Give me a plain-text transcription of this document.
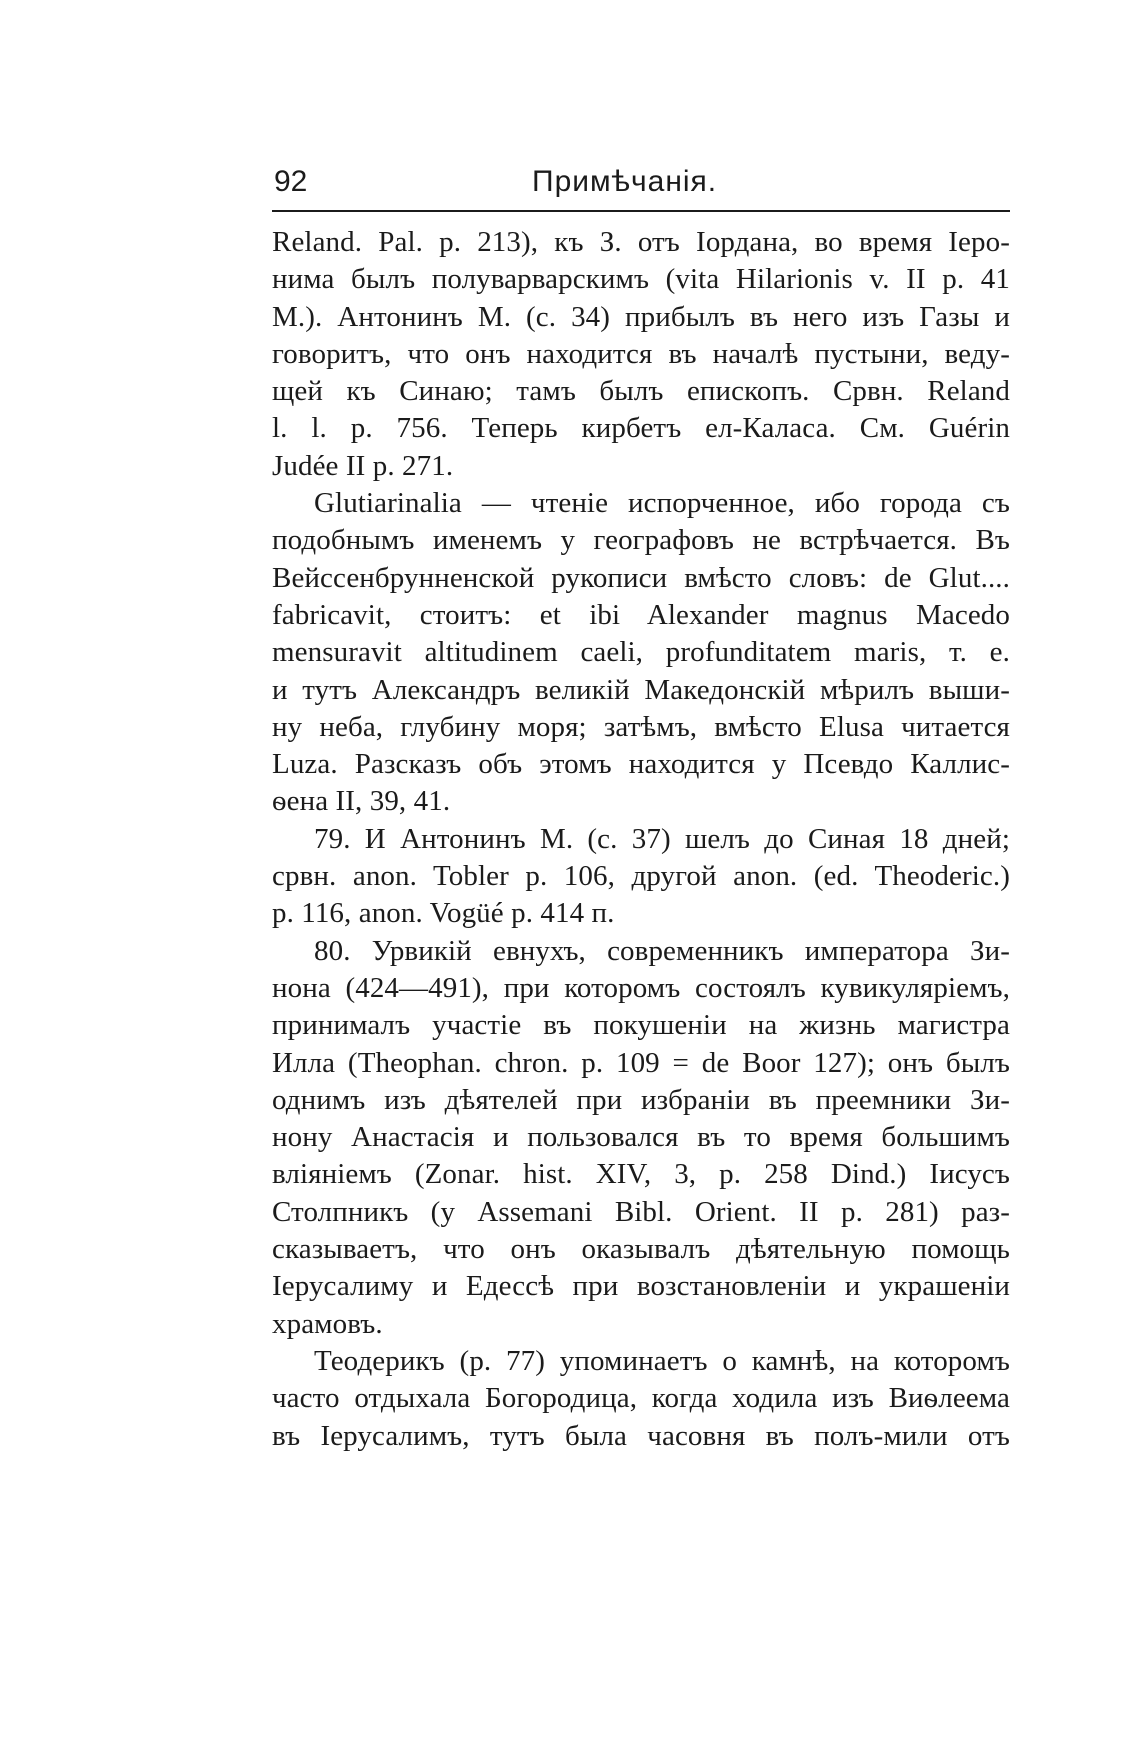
92	Примѣчанія.
Reland. Pal. p. 213), къ З. отъ Іордана, во время Іеро-
нима былъ полуварварскимъ (vita Hilarionis v. II p. 41
M.). Антонинъ М. (с. 34) прибылъ въ него изъ Газы и
говоритъ, что онъ находится въ началѣ пустыни, веду-
щей къ Синаю; тамъ былъ епископъ. Срвн. Reland
l. l. p. 756. Теперь кирбетъ ел-Каласа. См. Guérin
Judée II p. 271.
Glutiarinalia — чтеніе испорченное, ибо города съ
подобнымъ именемъ у географовъ не встрѣчается. Въ
Вейссенбрунненской рукописи вмѣсто словъ: de Glut....
fabricavit, стоитъ: et ibi Alexander magnus Macedo
mensuravit altitudinem caeli, profunditatem maris, т. е.
и тутъ Александръ великій Македонскій мѣрилъ выши-
ну неба, глубину моря; затѣмъ, вмѣсто Elusa читается
Luza. Разсказъ объ этомъ находится у Псевдо Каллис-
ѳена II, 39, 41.
79. И Антонинъ М. (с. 37) шелъ до Синая 18 дней;
срвн. anon. Tobler p. 106, другой anon. (ed. Theoderic.)
p. 116, anon. Vogüé p. 414 п.
80. Урвикій евнухъ, современникъ императора Зи-
нона (424—491), при которомъ состоялъ кувикуляріемъ,
принималъ участіе въ покушеніи на жизнь магистра
Илла (Theophan. chron. p. 109 = de Boor 127); онъ былъ
однимъ изъ дѣятелей при избраніи въ преемники Зи-
нону Анастасія и пользовался въ то время большимъ
вліяніемъ (Zonar. hist. XIV, 3, p. 258 Dind.) Іисусъ
Столпникъ (у Assemani Bibl. Orient. II p. 281) раз-
сказываетъ, что онъ оказывалъ дѣятельную помощь
Іерусалиму и Едессѣ при возстановленіи и украшеніи
храмовъ.
Теодерикъ (p. 77) упоминаетъ о камнѣ, на которомъ
часто отдыхала Богородица, когда ходила изъ Виѳлеема
въ Іерусалимъ, тутъ была часовня въ полъ-мили отъ
